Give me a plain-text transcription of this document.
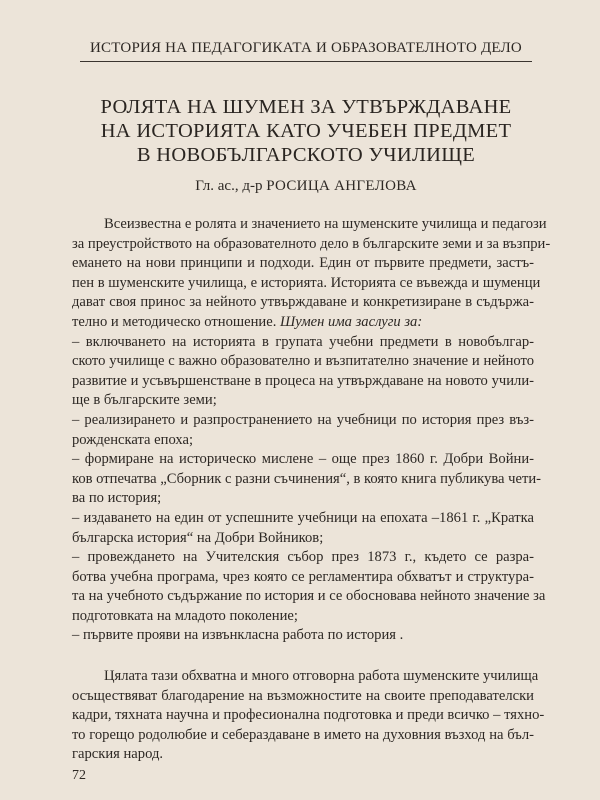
ИСТОРИЯ НА ПЕДАГОГИКАТА И ОБРАЗОВАТЕЛНОТО ДЕЛО
РОЛЯТА НА ШУМЕН ЗА УТВЪРЖДАВАНЕ
НА ИСТОРИЯТА КАТО УЧЕБЕН ПРЕДМЕТ
В НОВОБЪЛГАРСКОТО УЧИЛИЩЕ
Гл. ас., д-р РОСИЦА АНГЕЛОВА
Всеизвестна е ролята и значението на шуменските училища и педагози
за преустройството на образователното дело в българските земи и за възпри-
емането на нови принципи и подходи. Един от първите предмети, застъ-
пен в шуменските училища, е историята. Историята се въвежда и шуменци
дават своя принос за нейното утвърждаване и конкретизиране в съдържа-
телно и методическо отношение. Шумен има заслуги за:
– включването на историята в групата учебни предмети в новобългар-
ското училище с важно образователно и възпитателно значение и нейното
развитие и усъвършенстване в процеса на утвърждаване на новото учили-
ще в българските земи;
– реализирането и разпространението на учебници по история през въз-
рожденската епоха;
– формиране на историческо мислене – още през 1860 г. Добри Войни-
ков отпечатва „Сборник с разни съчинения“, в която книга публикува чети-
ва по история;
– издаването на един от успешните учебници на епохата –1861 г. „Кратка
българска история“ на Добри Войников;
– провеждането на Учителския събор през 1873 г., където се разра-
ботва учебна програма, чрез която се регламентира обхватът и структура-
та на учебното съдържание по история и се обосновава нейното значение за
подготовката на младото поколение;
– първите прояви на извънкласна работа по история .
Цялата тази обхватна и много отговорна работа шуменските училища
осъществяват благодарение на възможностите на своите преподавателски
кадри, тяхната научна и професионална подготовка и преди всичко – тяхно-
то горещо родолюбие и себераздаване в името на духовния възход на бъл-
гарския народ.
72
